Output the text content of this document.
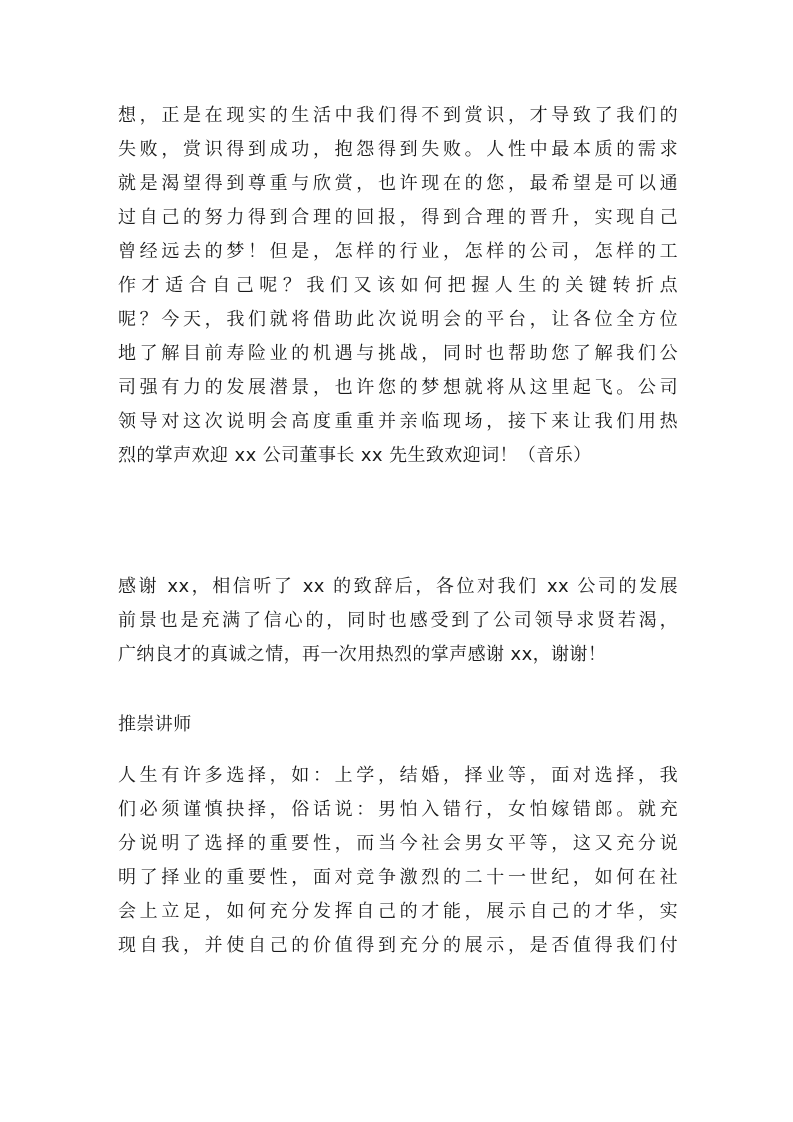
想，正是在现实的生活中我们得不到赏识，才导致了我们的
失败，赏识得到成功，抱怨得到失败。人性中最本质的需求
就是渴望得到尊重与欣赏，也许现在的您，最希望是可以通
过自己的努力得到合理的回报，得到合理的晋升，实现自己
曾经远去的梦！但是，怎样的行业，怎样的公司，怎样的工
作才适合自己呢？我们又该如何把握人生的关键转折点
呢？今天，我们就将借助此次说明会的平台，让各位全方位
地了解目前寿险业的机遇与挑战，同时也帮助您了解我们公
司强有力的发展潜景，也许您的梦想就将从这里起飞。公司
领导对这次说明会高度重重并亲临现场，接下来让我们用热
烈的掌声欢迎 xx 公司董事长 xx 先生致欢迎词！（音乐）
感谢 xx，相信听了 xx 的致辞后，各位对我们 xx 公司的发展
前景也是充满了信心的，同时也感受到了公司领导求贤若渴，
广纳良才的真诚之情，再一次用热烈的掌声感谢 xx，谢谢！
推崇讲师
人生有许多选择，如：上学，结婚，择业等，面对选择，我
们必须谨慎抉择，俗话说：男怕入错行，女怕嫁错郎。就充
分说明了选择的重要性，而当今社会男女平等，这又充分说
明了择业的重要性，面对竞争激烈的二十一世纪，如何在社
会上立足，如何充分发挥自己的才能，展示自己的才华，实
现自我，并使自己的价值得到充分的展示，是否值得我们付
